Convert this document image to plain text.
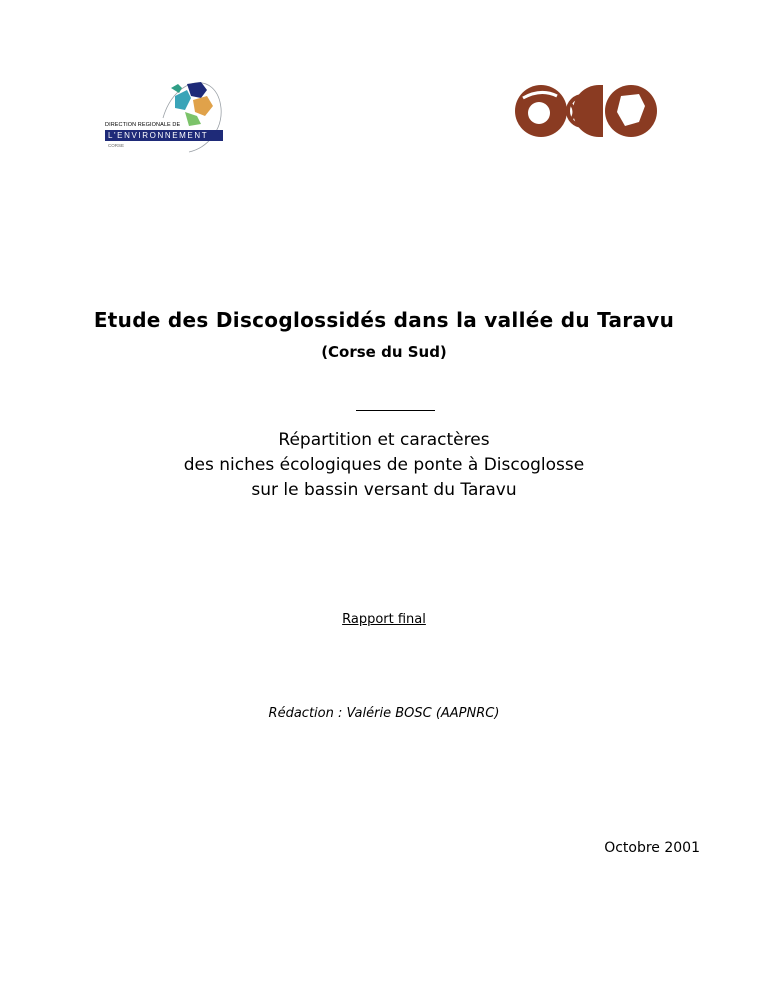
DIRECTION REGIONALE DE
L'ENVIRONNEMENT
CORSE
Etude des Discoglossidés dans la vallée du Taravu
(Corse du Sud)
Répartition et caractères
des niches écologiques de ponte à Discoglosse
sur le bassin versant du Taravu
Rapport final
Rédaction : Valérie BOSC (AAPNRC)
Octobre 2001
